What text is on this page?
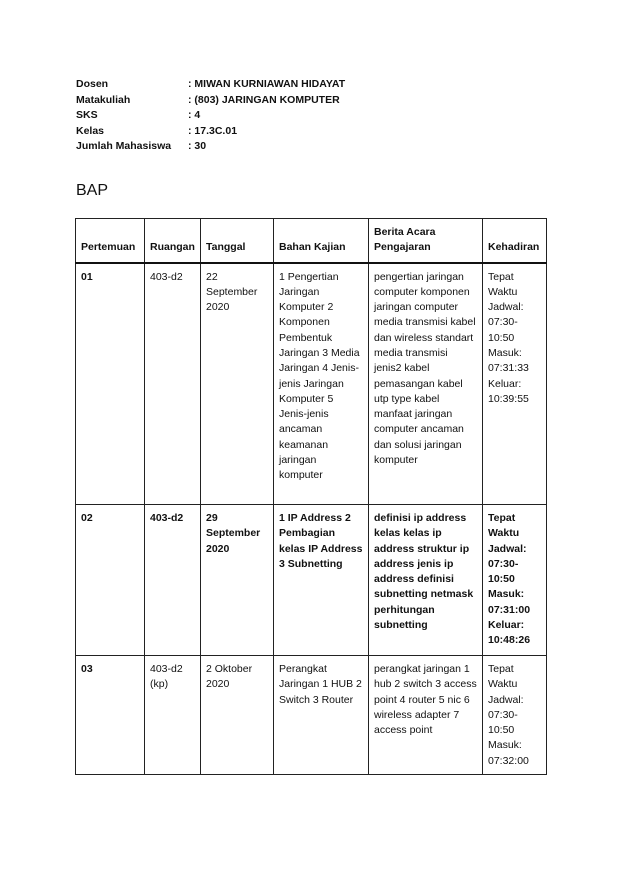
Dosen	: MIWAN KURNIAWAN HIDAYAT
Matakuliah	: (803) JARINGAN KOMPUTER
SKS	: 4
Kelas	: 17.3C.01
Jumlah Mahasiswa	: 30
BAP
Pertemuan	Ruangan	Tanggal	Bahan Kajian	Berita Acara Pengajaran	Kehadiran
01	403-d2	22 September 2020	1 Pengertian Jaringan Komputer 2 Komponen Pembentuk Jaringan 3 Media Jaringan 4 Jenis-jenis Jaringan Komputer 5 Jenis-jenis ancaman keamanan jaringan komputer	pengertian jaringan computer komponen jaringan computer media transmisi kabel dan wireless standart media transmisi jenis2 kabel pemasangan kabel utp type kabel manfaat jaringan computer ancaman dan solusi jaringan komputer	Tepat Waktu Jadwal: 07:30-10:50 Masuk: 07:31:33 Keluar: 10:39:55
02	403-d2	29 September 2020	1 IP Address 2 Pembagian kelas IP Address 3 Subnetting	definisi ip address kelas kelas ip address struktur ip address jenis ip address definisi subnetting netmask perhitungan subnetting	Tepat Waktu Jadwal: 07:30-10:50 Masuk: 07:31:00 Keluar: 10:48:26
03	403-d2 (kp)	2 Oktober 2020	Perangkat Jaringan 1 HUB 2 Switch 3 Router	perangkat jaringan 1 hub 2 switch 3 access point 4 router 5 nic 6 wireless adapter 7 access point	Tepat Waktu Jadwal: 07:30-10:50 Masuk: 07:32:00
